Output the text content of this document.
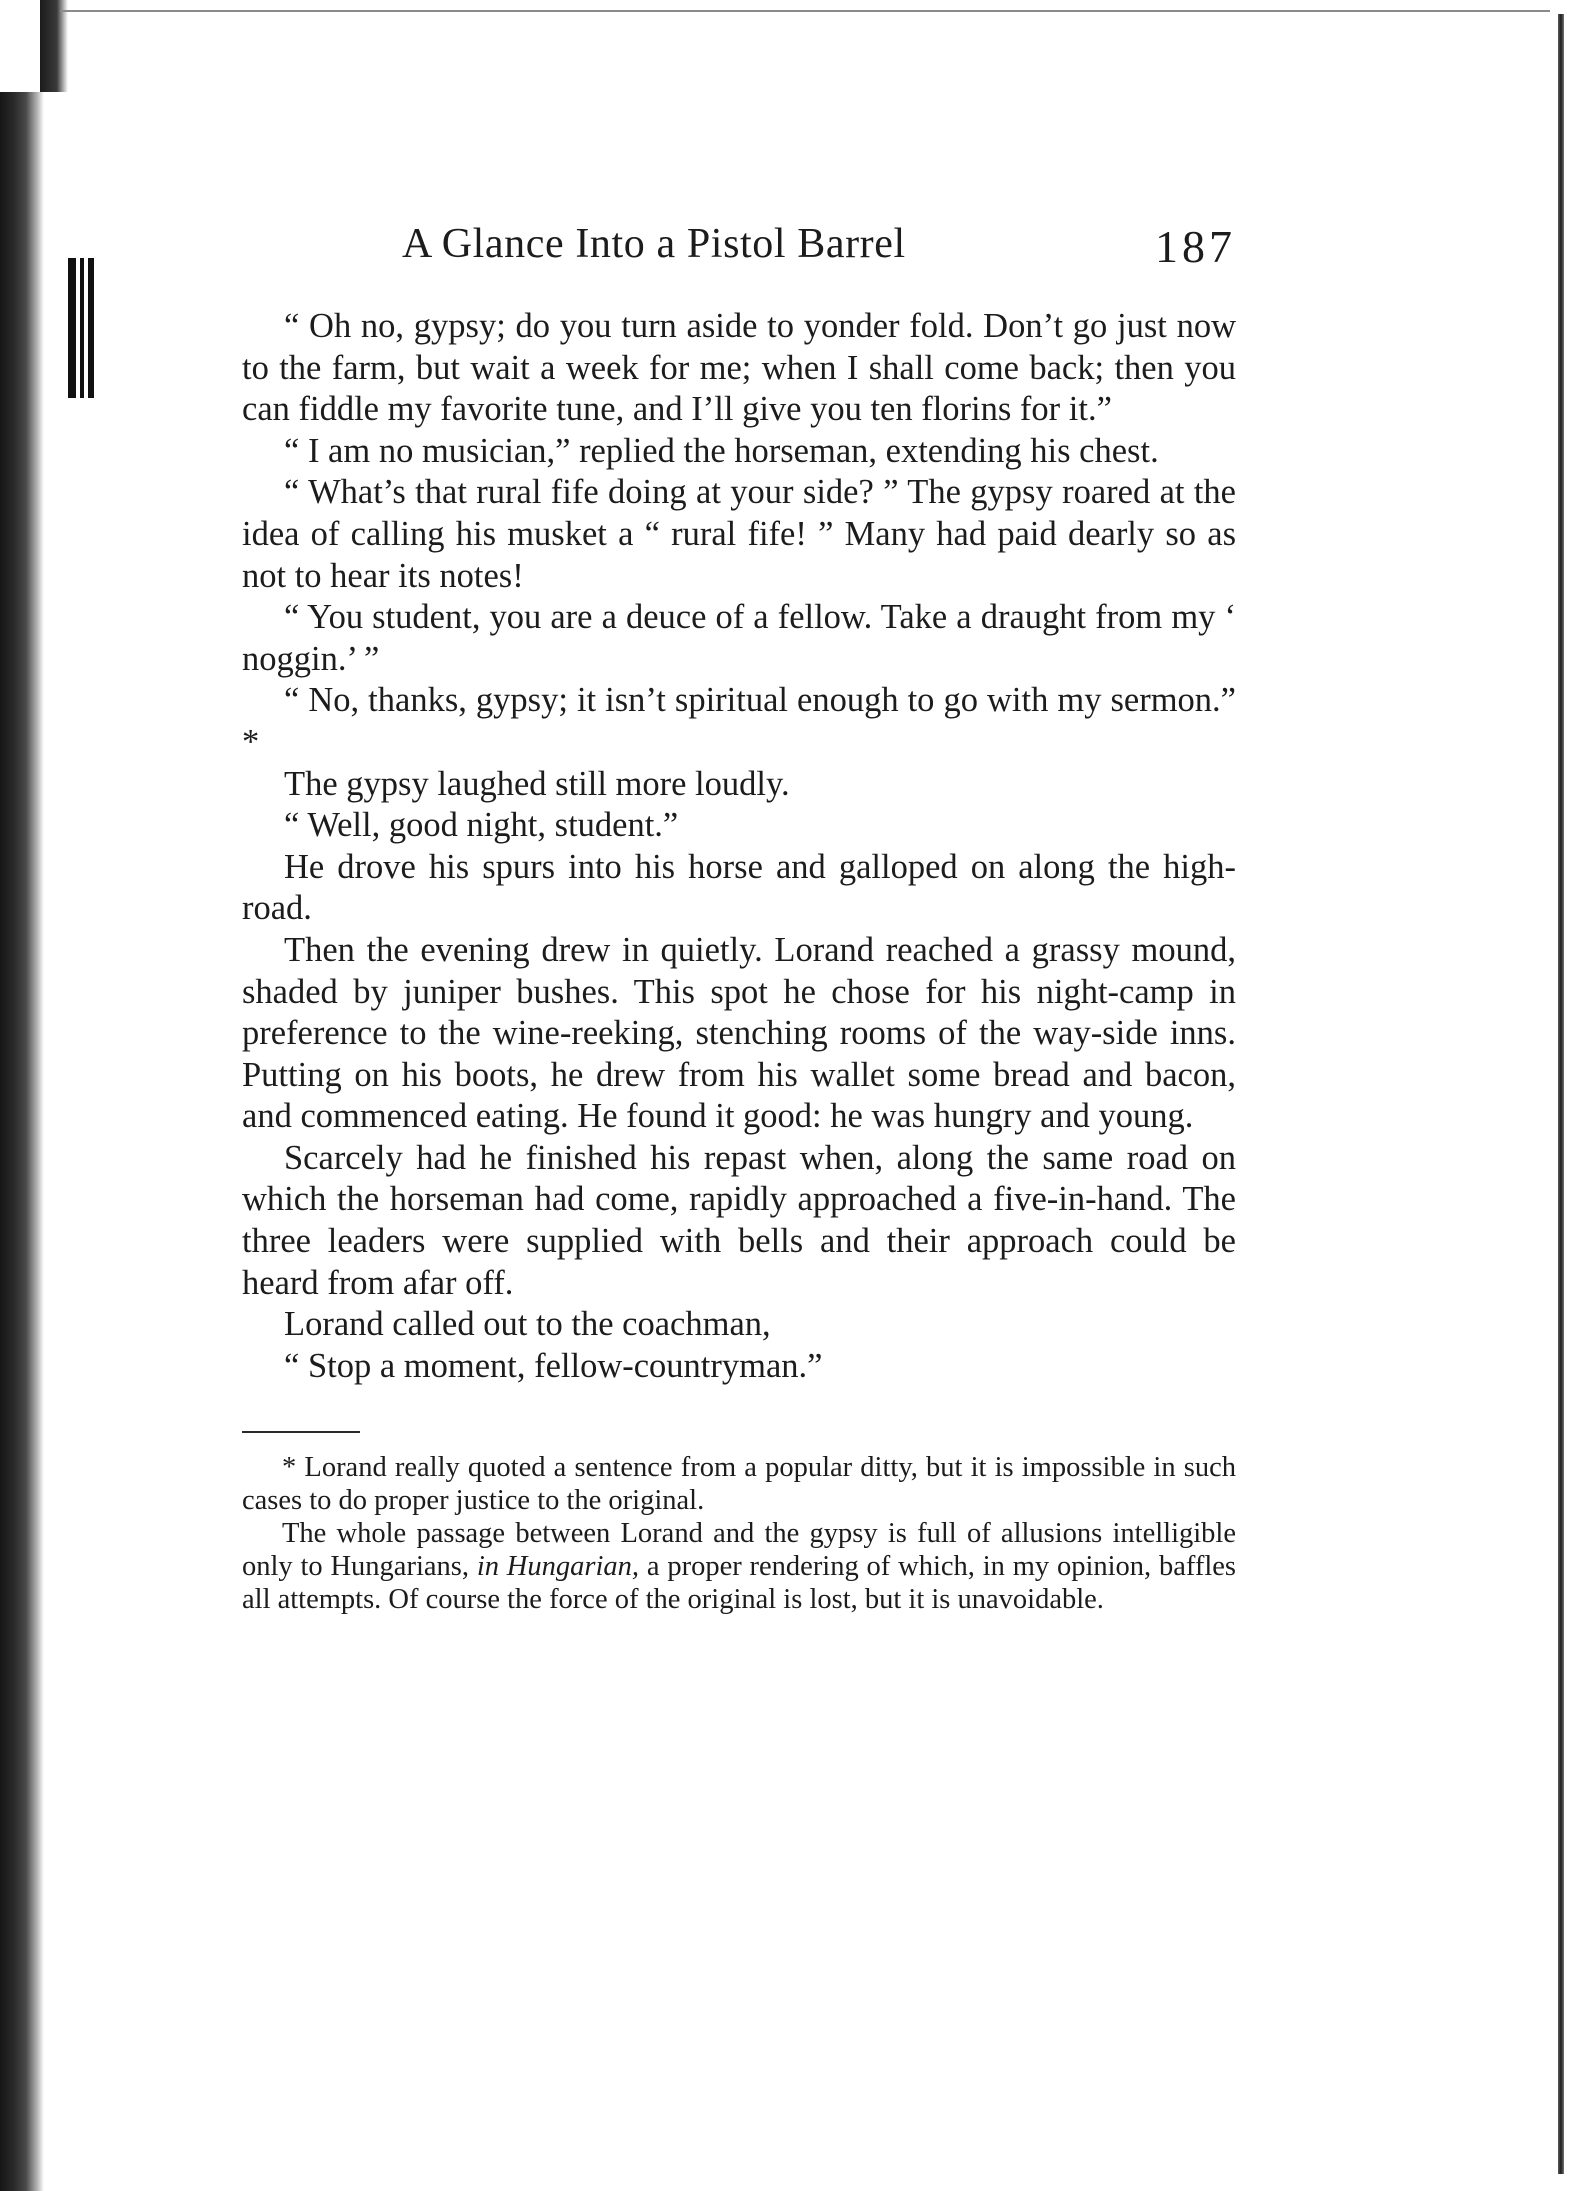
A Glance Into a Pistol Barrel	187

“ Oh no, gypsy; do you turn aside to yonder fold. Don’t go just now to the farm, but wait a week for me; when I shall come back; then you can fiddle my favorite tune, and I’ll give you ten florins for it.”

“ I am no musician,” replied the horseman, extending his chest.

“ What’s that rural fife doing at your side? ” The gypsy roared at the idea of calling his musket a “ rural fife! ” Many had paid dearly so as not to hear its notes!

“ You student, you are a deuce of a fellow. Take a draught from my ‘ noggin.’ ”

“ No, thanks, gypsy; it isn’t spiritual enough to go with my sermon.” *

The gypsy laughed still more loudly.

“ Well, good night, student.”

He drove his spurs into his horse and galloped on along the high-road.

Then the evening drew in quietly. Lorand reached a grassy mound, shaded by juniper bushes. This spot he chose for his night-camp in preference to the wine-reeking, stenching rooms of the way-side inns. Putting on his boots, he drew from his wallet some bread and bacon, and commenced eating. He found it good: he was hungry and young.

Scarcely had he finished his repast when, along the same road on which the horseman had come, rapidly approached a five-in-hand. The three leaders were supplied with bells and their approach could be heard from afar off.

Lorand called out to the coachman,

“ Stop a moment, fellow-countryman.”

* Lorand really quoted a sentence from a popular ditty, but it is impossible in such cases to do proper justice to the original.

The whole passage between Lorand and the gypsy is full of allusions intelligible only to Hungarians, in Hungarian, a proper rendering of which, in my opinion, baffles all attempts. Of course the force of the original is lost, but it is unavoidable.
